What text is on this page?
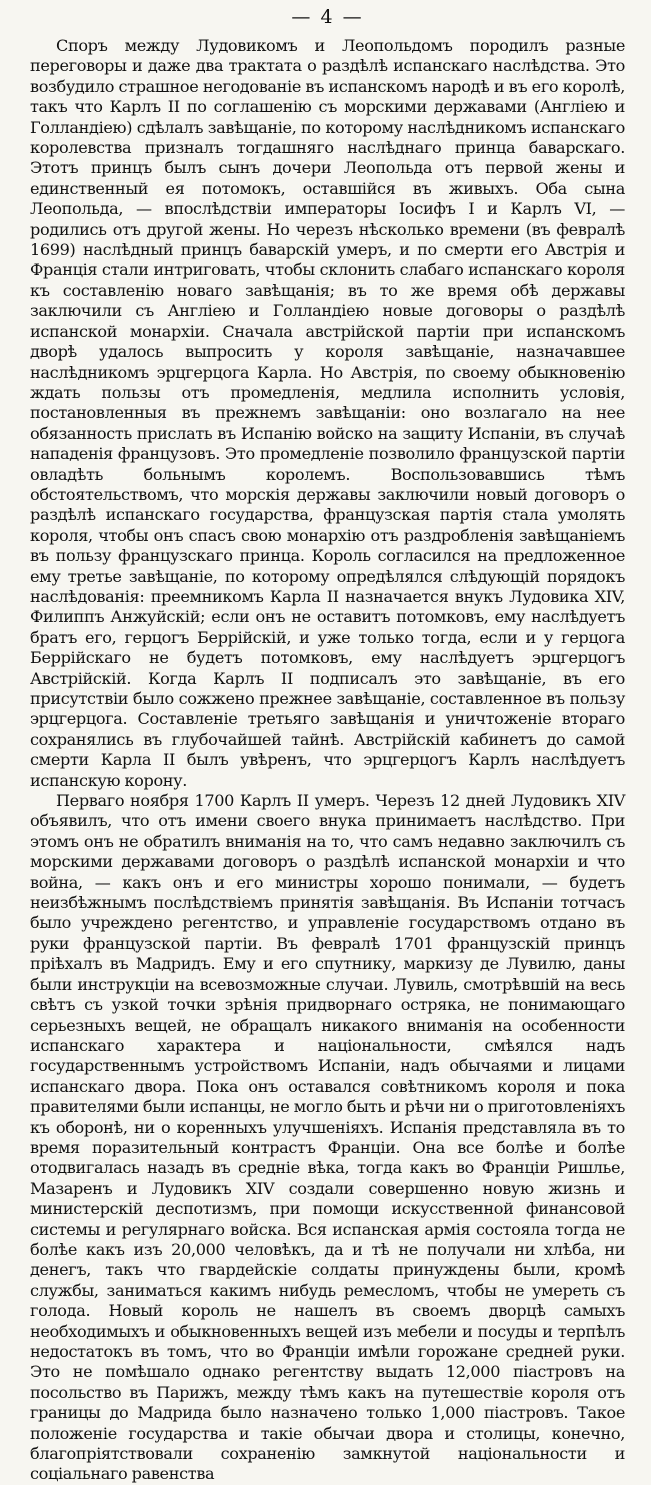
— 4 —

Споръ между Лудовикомъ и Леопольдомъ породилъ разные переговоры и даже два трактата о раздѣлѣ испанскаго наслѣдства. Это возбудило страшное негодованіе въ испанскомъ народѣ и въ его королѣ, такъ что Карлъ II по соглашенію съ морскими державами (Англіею и Голландіею) сдѣлалъ завѣщаніе, по которому наслѣдникомъ испанскаго королевства призналъ тогдашняго наслѣднаго принца баварскаго. Этотъ принцъ былъ сынъ дочери Леопольда отъ первой жены и единственный ея потомокъ, оставшійся въ живыхъ. Оба сына Леопольда, — впослѣдствіи императоры Іосифъ I и Карлъ VI, — родились отъ другой жены. Но черезъ нѣсколько времени (въ февралѣ 1699) наслѣдный принцъ баварскій умеръ, и по смерти его Австрія и Франція стали интриговать, чтобы склонить слабаго испанскаго короля къ составленію новаго завѣщанія; въ то же время обѣ державы заключили съ Англіею и Голландіею новые договоры о раздѣлѣ испанской монархіи. Сначала австрійской партіи при испанскомъ дворѣ удалось выпросить у короля завѣщаніе, назначавшее наслѣдникомъ эрцгерцога Карла. Но Австрія, по своему обыкновенію ждать пользы отъ промедленія, медлила исполнить условія, постановленныя въ прежнемъ завѣщаніи: оно возлагало на нее обязанность прислать въ Испанію войско на защиту Испаніи, въ случаѣ нападенія французовъ. Это промедленіе позволило французской партіи овладѣть больнымъ королемъ. Воспользовавшись тѣмъ обстоятельствомъ, что морскія державы заключили новый договоръ о раздѣлѣ испанскаго государства, французская партія стала умолять короля, чтобы онъ спасъ свою монархію отъ раздробленія завѣщаніемъ въ пользу французскаго принца. Король согласился на предложенное ему третье завѣщаніе, по которому опредѣлялся слѣдующій порядокъ наслѣдованія: преемникомъ Карла II назначается внукъ Лудовика XIV, Филиппъ Анжуйскій; если онъ не оставитъ потомковъ, ему наслѣдуетъ братъ его, герцогъ Беррійскій, и уже только тогда, если и у герцога Беррійскаго не будетъ потомковъ, ему наслѣдуетъ эрцгерцогъ Австрійскій. Когда Карлъ II подписалъ это завѣщаніе, въ его присутствіи было сожжено прежнее завѣщаніе, составленное въ пользу эрцгерцога. Составленіе третьяго завѣщанія и уничтоженіе втораго сохранялись въ глубочайшей тайнѣ. Австрійскій кабинетъ до самой смерти Карла II былъ увѣренъ, что эрцгерцогъ Карлъ наслѣдуетъ испанскую корону.

Перваго ноября 1700 Карлъ II умеръ. Черезъ 12 дней Лудовикъ XIV объявилъ, что отъ имени своего внука принимаетъ наслѣдство. При этомъ онъ не обратилъ вниманія на то, что самъ недавно заключилъ съ морскими державами договоръ о раздѣлѣ испанской монархіи и что война, — какъ онъ и его министры хорошо понимали, — будетъ неизбѣжнымъ послѣдствіемъ принятія завѣщанія. Въ Испаніи тотчасъ было учреждено регентство, и управленіе государствомъ отдано въ руки французской партіи. Въ февралѣ 1701 французскій принцъ пріѣхалъ въ Мадридъ. Ему и его спутнику, маркизу де Лувилю, даны были инструкціи на всевозможные случаи. Лувиль, смотрѣвшій на весь свѣтъ съ узкой точки зрѣнія придворнаго остряка, не понимающаго серьезныхъ вещей, не обращалъ никакого вниманія на особенности испанскаго характера и національности, смѣялся надъ государственнымъ устройствомъ Испаніи, надъ обычаями и лицами испанскаго двора. Пока онъ оставался совѣтникомъ короля и пока правителями были испанцы, не могло быть и рѣчи ни о приготовленіяхъ къ оборонѣ, ни о коренныхъ улучшеніяхъ. Испанія представляла въ то время поразительный контрастъ Франціи. Она все болѣе и болѣе отодвигалась назадъ въ средніе вѣка, тогда какъ во Франціи Ришлье, Мазаренъ и Лудовикъ XIV создали совершенно новую жизнь и министерскій деспотизмъ, при помощи искусственной финансовой системы и регулярнаго войска. Вся испанская армія состояла тогда не болѣе какъ изъ 20,000 человѣкъ, да и тѣ не получали ни хлѣба, ни денегъ, такъ что гвардейскіе солдаты принуждены были, кромѣ службы, заниматься какимъ нибудь ремесломъ, чтобы не умереть съ голода. Новый король не нашелъ въ своемъ дворцѣ самыхъ необходимыхъ и обыкновенныхъ вещей изъ мебели и посуды и терпѣлъ недостатокъ въ томъ, что во Франціи имѣли горожане средней руки. Это не помѣшало однако регентству выдать 12,000 піастровъ на посольство въ Парижъ, между тѣмъ какъ на путешествіе короля отъ границы до Мадрида было назначено только 1,000 піастровъ. Такое положеніе государства и такіе обычаи двора и столицы, конечно, благопріятствовали сохраненію замкнутой національности и соціальнаго равенства
